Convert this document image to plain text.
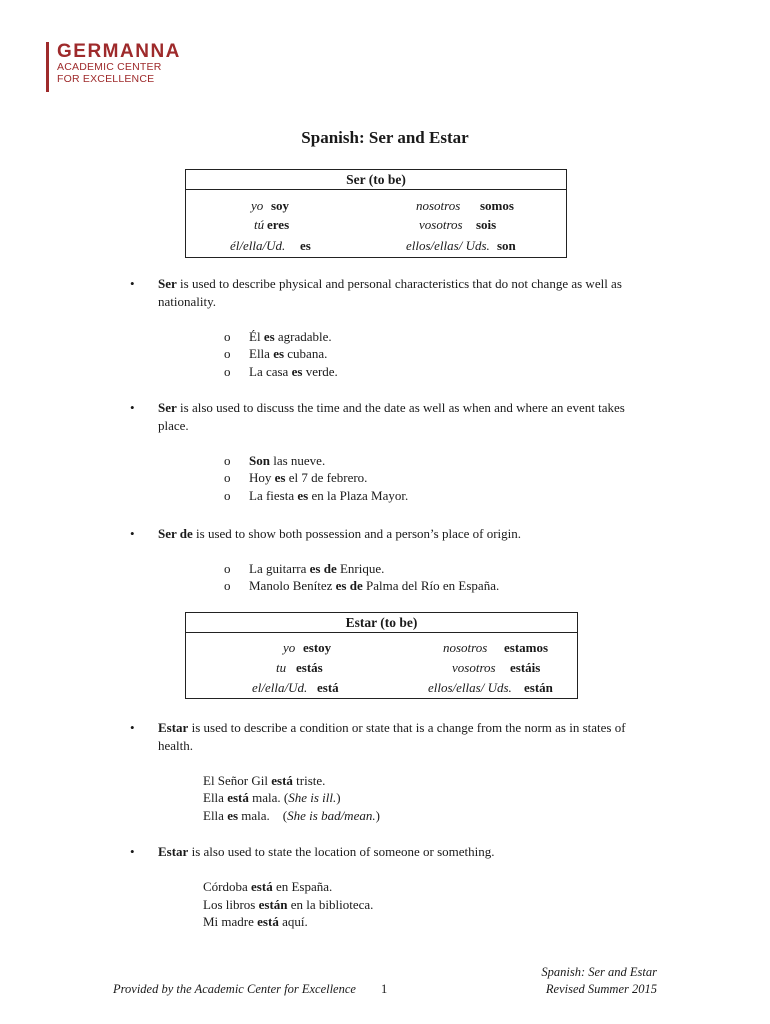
GERMANNA
ACADEMIC CENTER
FOR EXCELLENCE
Spanish: Ser and Estar
Ser (to be)
yo soy	nosotros somos
tú eres	vosotros sois
él/ella/Ud. es	ellos/ellas/ Uds. son
• Ser is used to describe physical and personal characteristics that do not change as well as nationality.
o Él es agradable.
o Ella es cubana.
o La casa es verde.
• Ser is also used to discuss the time and the date as well as when and where an event takes place.
o Son las nueve.
o Hoy es el 7 de febrero.
o La fiesta es en la Plaza Mayor.
• Ser de is used to show both possession and a person’s place of origin.
o La guitarra es de Enrique.
o Manolo Benítez es de Palma del Río en España.
Estar (to be)
yo estoy	nosotros estamos
tu estás	vosotros estáis
el/ella/Ud. está	ellos/ellas/ Uds. están
• Estar is used to describe a condition or state that is a change from the norm as in states of health.
El Señor Gil está triste.
Ella está mala. (She is ill.)
Ella es mala.    (She is bad/mean.)
• Estar is also used to state the location of someone or something.
Córdoba está en España.
Los libros están en la biblioteca.
Mi madre está aquí.
Provided by the Academic Center for Excellence 1
Spanish: Ser and Estar
Revised Summer 2015
